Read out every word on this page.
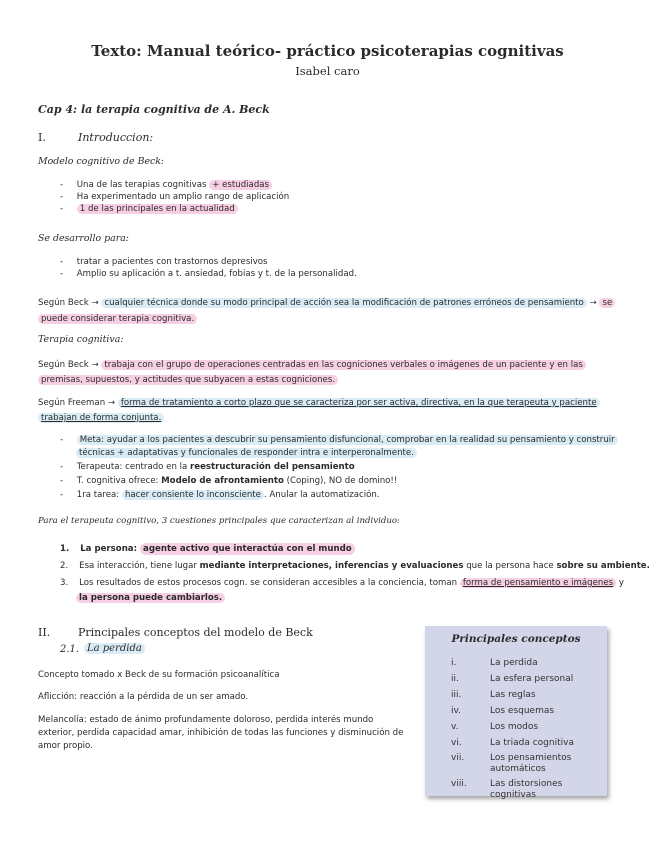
Texto: Manual teórico- práctico psicoterapias cognitivas
Isabel caro
Cap 4: la terapia cognitiva de A. Beck
I.	Introduccion:
Modelo cognitivo de Beck:
-     Una de las terapias cognitivas + estudiadas
-     Ha experimentado un amplio rango de aplicación
-     1 de las principales en la actualidad
Se desarrollo para:
-     tratar a pacientes con trastornos depresivos
-     Amplio su aplicación a t. ansiedad, fobias y t. de la personalidad.
Según Beck → cualquier técnica donde su modo principal de acción sea la modificación de patrones erróneos de pensamiento → se
puede considerar terapia cognitiva.
Terapia cognitiva:
Según Beck → trabaja con el grupo de operaciones centradas en las cogniciones verbales o imágenes de un paciente y en las
premisas, supuestos, y actitudes que subyacen a estas cogniciones.
Según Freeman → forma de tratamiento a corto plazo que se caracteriza por ser activa, directiva, en la que terapeuta y paciente
trabajan de forma conjunta.
-     Meta: ayudar a los pacientes a descubrir su pensamiento disfuncional, comprobar en la realidad su pensamiento y construir
técnicas + adaptativas y funcionales de responder intra e interperonalmente.
-     Terapeuta: centrado en la reestructuración del pensamiento
-     T. cognitiva ofrece: Modelo de afrontamiento (Coping), NO de domino!!
-     1ra tarea: hacer consiente lo inconsciente . Anular la automatización.
Para el terapeuta cognitivo, 3 cuestiones principales que caracterizan al individuo:
1. La persona: agente activo que interactúa con el mundo
2. Esa interacción, tiene lugar mediante interpretaciones, inferencias y evaluaciones que la persona hace sobre su ambiente.
3. Los resultados de estos procesos cogn. se consideran accesibles a la conciencia, toman forma de pensamiento e imágenes y
la persona puede cambiarlos.
II.	Principales conceptos del modelo de Beck
2.1. La perdida
Concepto tomado x Beck de su formación psicoanalítica
Aflicción: reacción a la pérdida de un ser amado.
Melancolía: estado de ánimo profundamente doloroso, perdida interés mundo
exterior, perdida capacidad amar, inhibición de todas las funciones y disminución de
amor propio.
Principales conceptos
i.	La perdida
ii.	La esfera personal
iii.	Las reglas
iv.	Los esquemas
v.	Los modos
vi.	La triada cognitiva
vii.	Los pensamientos automáticos
viii.	Las distorsiones cognitivas
